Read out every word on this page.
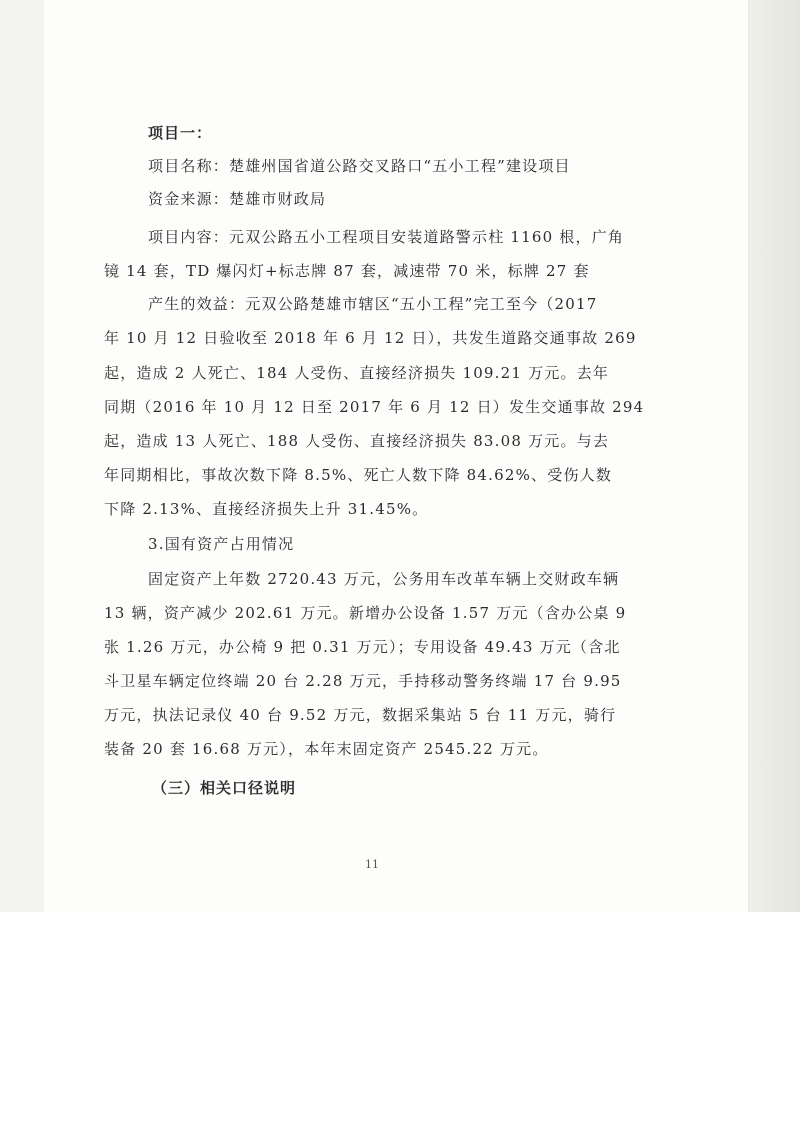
项目一：
项目名称：楚雄州国省道公路交叉路口“五小工程”建设项目
资金来源：楚雄市财政局
项目内容：元双公路五小工程项目安装道路警示柱 1160 根，广角
镜 14 套，TD 爆闪灯+标志牌 87 套，减速带 70 米，标牌 27 套
产生的效益：元双公路楚雄市辖区“五小工程”完工至今（2017
年 10 月 12 日验收至 2018 年 6 月 12 日），共发生道路交通事故 269
起，造成 2 人死亡、184 人受伤、直接经济损失 109.21 万元。去年
同期（2016 年 10 月 12 日至 2017 年 6 月 12 日）发生交通事故 294
起，造成 13 人死亡、188 人受伤、直接经济损失 83.08 万元。与去
年同期相比，事故次数下降 8.5%、死亡人数下降 84.62%、受伤人数
下降 2.13%、直接经济损失上升 31.45%。
3.国有资产占用情况
固定资产上年数 2720.43 万元，公务用车改革车辆上交财政车辆
13 辆，资产减少 202.61 万元。新增办公设备 1.57 万元（含办公桌 9
张 1.26 万元，办公椅 9 把 0.31 万元）；专用设备 49.43 万元（含北
斗卫星车辆定位终端 20 台 2.28 万元，手持移动警务终端 17 台 9.95
万元，执法记录仪 40 台 9.52 万元，数据采集站 5 台 11 万元，骑行
装备 20 套 16.68 万元），本年末固定资产 2545.22 万元。
（三）相关口径说明
11
